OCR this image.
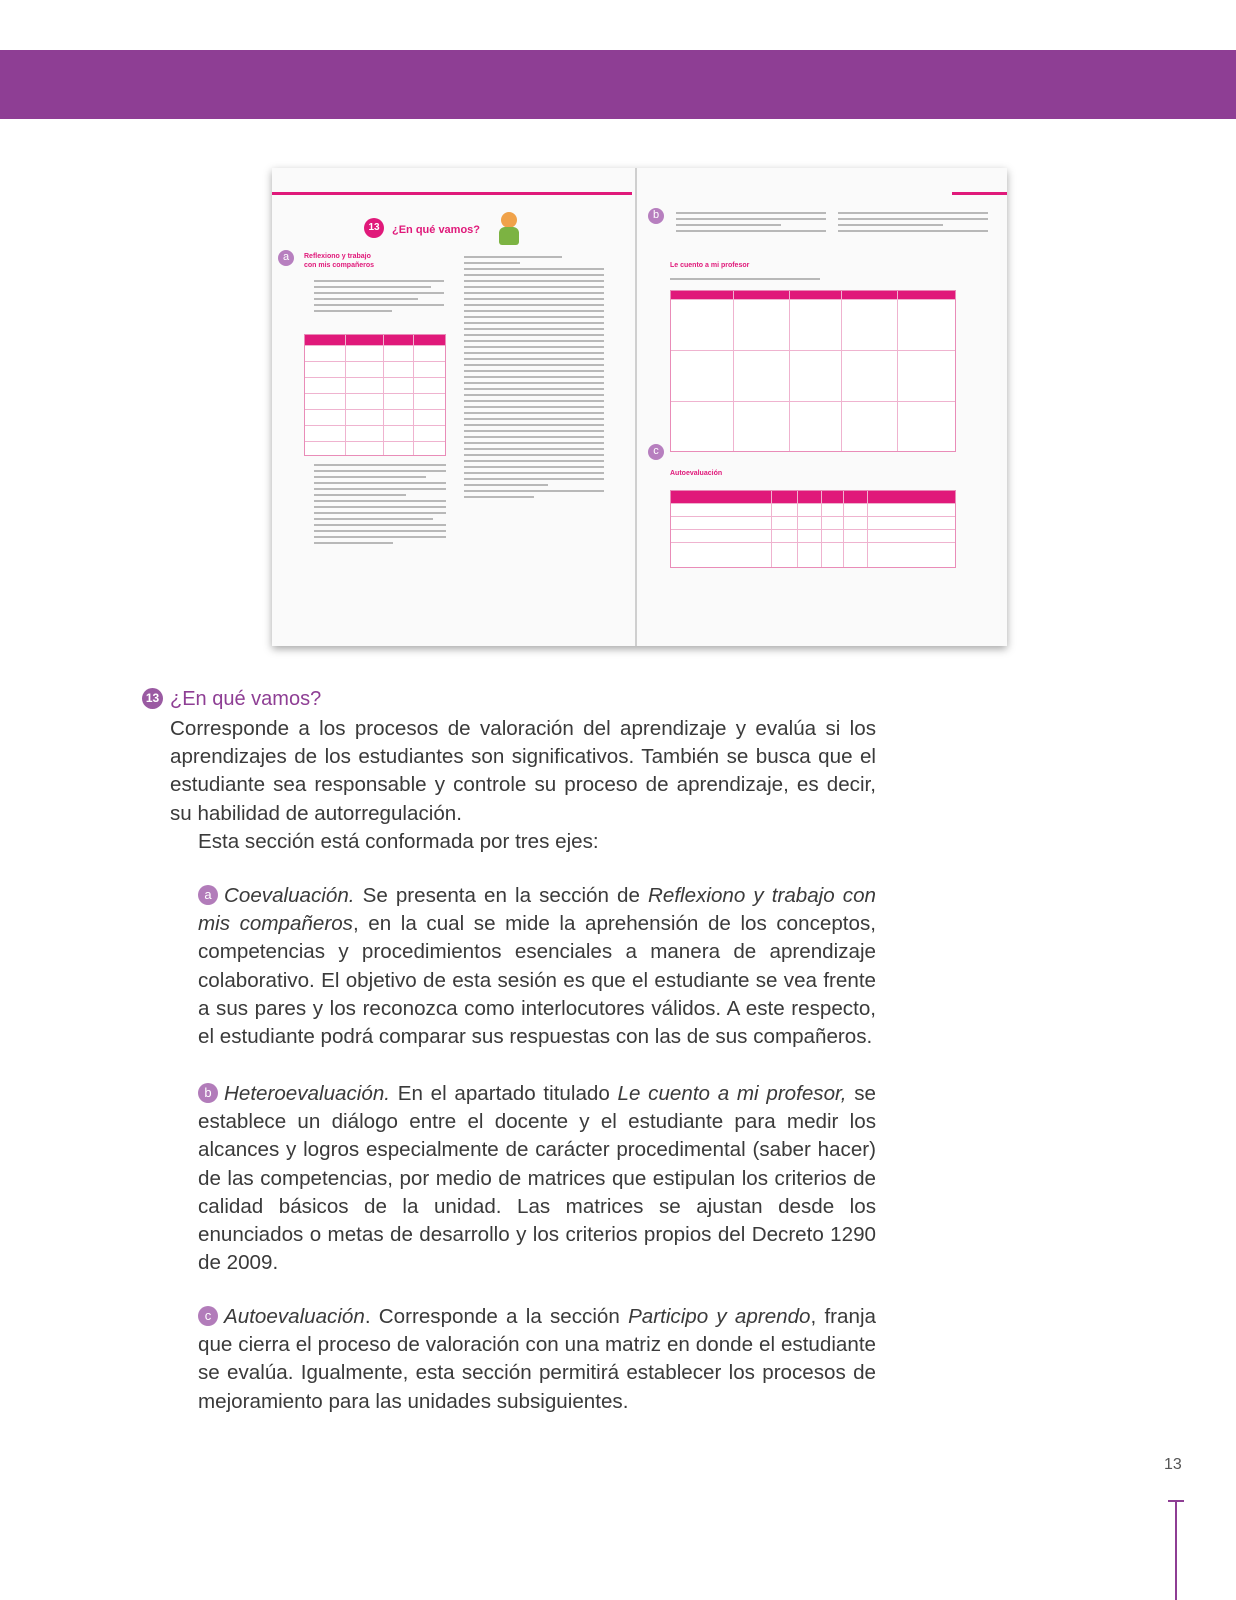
13	¿En qué vamos?
a	Reflexiono y trabajo con mis compañeros
b
Le cuento a mi profesor
c
Autoevaluación
13 ¿En qué vamos?

Corresponde a los procesos de valoración del aprendizaje y evalúa si los aprendizajes de los estudiantes son significativos. También se busca que el estudiante sea responsable y controle su proceso de aprendizaje, es decir, su habilidad de autorregulación.

Esta sección está conformada por tres ejes:

a Coevaluación. Se presenta en la sección de Reflexiono y trabajo con mis compañeros, en la cual se mide la aprehensión de los conceptos, competencias y procedimientos esenciales a manera de aprendizaje colaborativo. El objetivo de esta sesión es que el estudiante se vea frente a sus pares y los reconozca como interlocutores válidos. A este respecto, el estudiante podrá comparar sus respuestas con las de sus compañeros.
b Heteroevaluación. En el apartado titulado Le cuento a mi profesor, se establece un diálogo entre el docente y el estudiante para medir los alcances y logros especialmente de carácter procedimental (saber hacer) de las competencias, por medio de matrices que estipulan los criterios de calidad básicos de la unidad. Las matrices se ajustan desde los enunciados o metas de desarrollo y los criterios propios del Decreto 1290 de 2009.
c Autoevaluación. Corresponde a la sección Participo y aprendo, franja que cierra el proceso de valoración con una matriz en donde el estudiante se evalúa. Igualmente, esta sección permitirá establecer los procesos de mejoramiento para las unidades subsiguientes.
13
